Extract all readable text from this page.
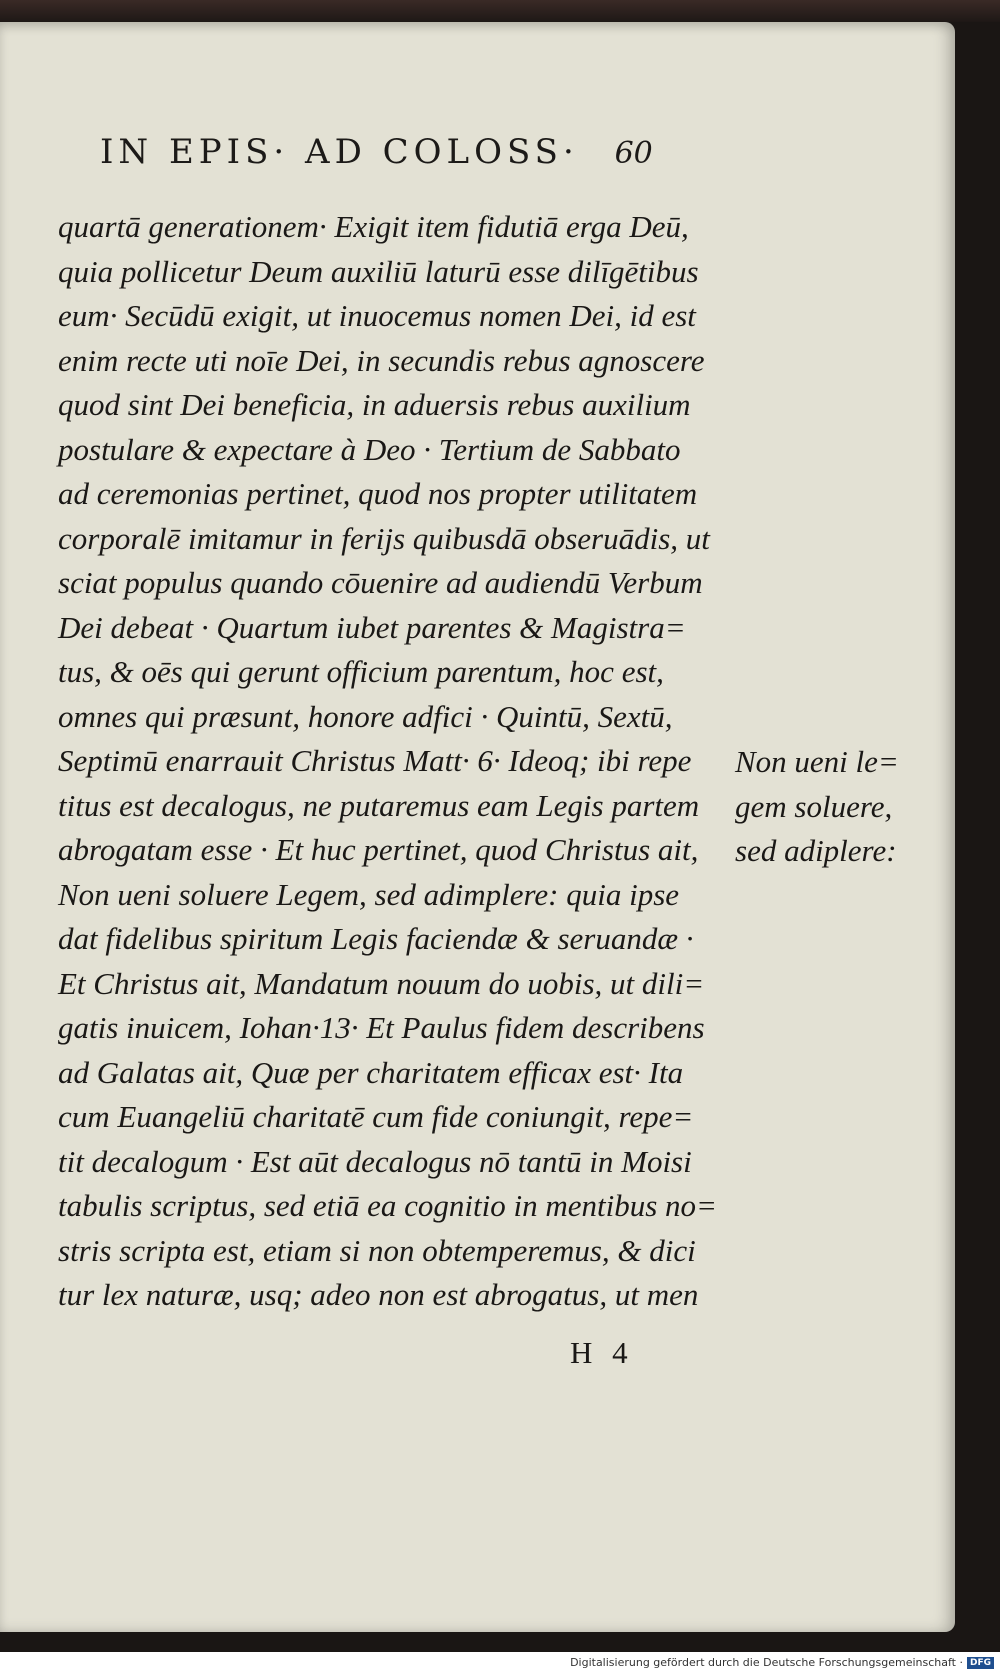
IN EPIS· AD COLOSS· 60
quartā generationem· Exigit item fidutiā erga Deū,
quia pollicetur Deum auxiliū laturū esse dilīgētibus
eum· Secūdū exigit, ut inuocemus nomen Dei, id est
enim recte uti noīe Dei, in secundis rebus agnoscere
quod sint Dei beneficia, in aduersis rebus auxilium
postulare & expectare à Deo · Tertium de Sabbato
ad ceremonias pertinet, quod nos propter utilitatem
corporalē imitamur in ferijs quibusdā obseruādis, ut
sciat populus quando cōuenire ad audiendū Verbum
Dei debeat · Quartum iubet parentes & Magistra=
tus, & oēs qui gerunt officium parentum, hoc est,
omnes qui præsunt, honore adfici · Quintū, Sextū,
Septimū enarrauit Christus Matt· 6· Ideoq; ibi repe
titus est decalogus, ne putaremus eam Legis partem
abrogatam esse · Et huc pertinet, quod Christus ait,
Non ueni soluere Legem, sed adimplere: quia ipse
dat fidelibus spiritum Legis faciendæ & seruandæ ·
Et Christus ait, Mandatum nouum do uobis, ut dili=
gatis inuicem, Iohan·13· Et Paulus fidem describens
ad Galatas ait, Quæ per charitatem efficax est· Ita
cum Euangeliū charitatē cum fide coniungit, repe=
tit decalogum · Est aūt decalogus nō tantū in Moisi
tabulis scriptus, sed etiā ea cognitio in mentibus no=
stris scripta est, etiam si non obtemperemus, & dici
tur lex naturæ, usq; adeo non est abrogatus, ut men
Non ueni le=
gem soluere,
sed adiplere:
H 4
Digitalisierung gefördert durch die Deutsche Forschungsgemeinschaft · DFG
